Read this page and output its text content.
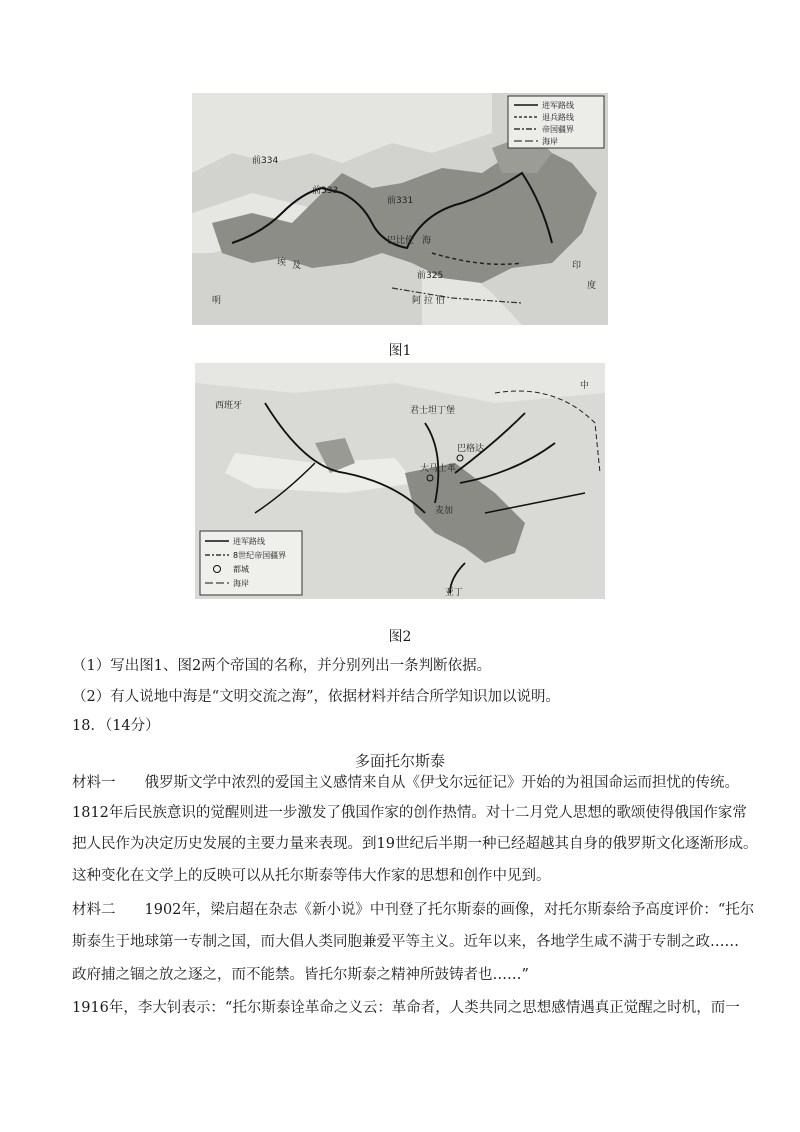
进军路线
退兵路线
帝国疆界
海岸
前334
前333
前331
前325
巴比伦
阿 拉 伯
海
印
度
埃 及
明
图1
进军路线
8世纪帝国疆界
都城
海岸
君士坦丁堡
大马士革
巴格达
麦加
西班牙
中
亚丁
图2
（1）写出图1、图2两个帝国的名称，并分别列出一条判断依据。
（2）有人说地中海是“文明交流之海”，依据材料并结合所学知识加以说明。
18．（14分）
多面托尔斯泰
材料一　　俄罗斯文学中浓烈的爱国主义感情来自从《伊戈尔远征记》开始的为祖国命运而担忧的传统。
1812年后民族意识的觉醒则进一步激发了俄国作家的创作热情。对十二月党人思想的歌颂使得俄国作家常
把人民作为决定历史发展的主要力量来表现。到19世纪后半期一种已经超越其自身的俄罗斯文化逐渐形成。
这种变化在文学上的反映可以从托尔斯泰等伟大作家的思想和创作中见到。
材料二　　1902年，梁启超在杂志《新小说》中刊登了托尔斯泰的画像，对托尔斯泰给予高度评价：“托尔
斯泰生于地球第一专制之国，而大倡人类同胞兼爱平等主义。近年以来，各地学生咸不满于专制之政……
政府捕之锢之放之逐之，而不能禁。皆托尔斯泰之精神所鼓铸者也……”
1916年，李大钊表示：“托尔斯泰诠革命之义云：革命者，人类共同之思想感情遇真正觉醒之时机，而一
